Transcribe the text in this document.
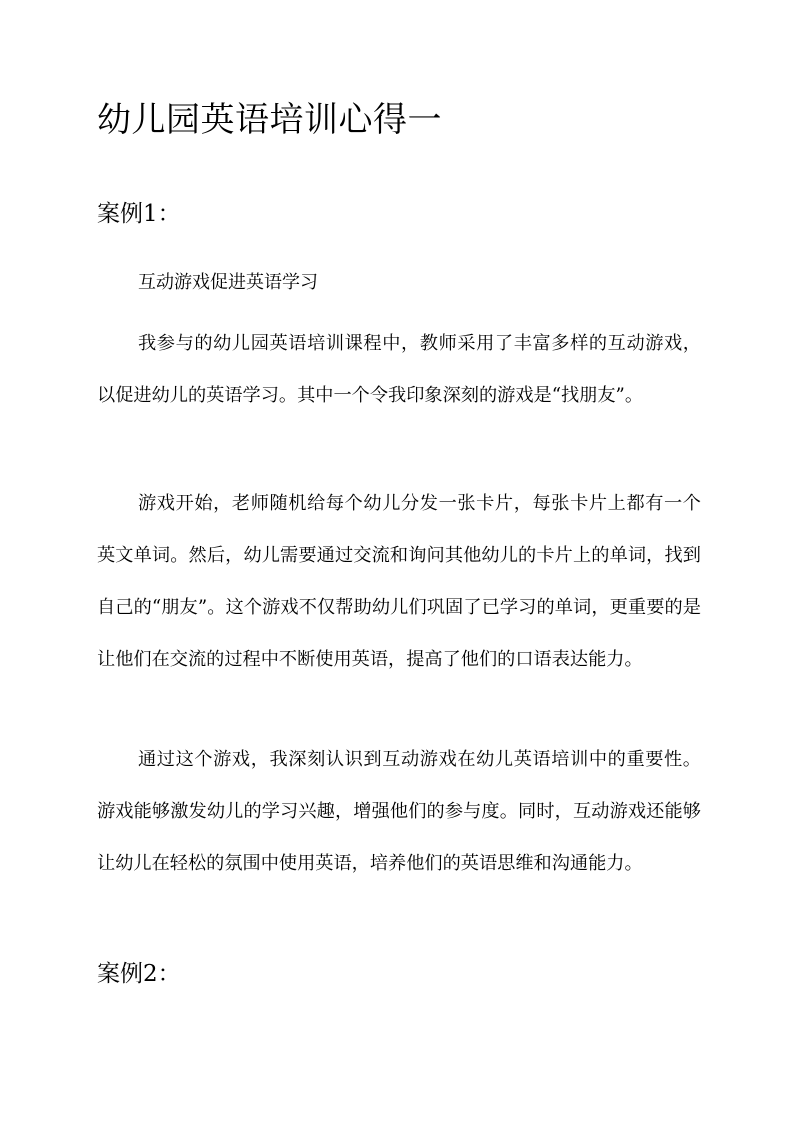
幼儿园英语培训心得一
案例1：

互动游戏促进英语学习

我参与的幼儿园英语培训课程中，教师采用了丰富多样的互动游戏，以促进幼儿的英语学习。其中一个令我印象深刻的游戏是“找朋友”。

游戏开始，老师随机给每个幼儿分发一张卡片，每张卡片上都有一个英文单词。然后，幼儿需要通过交流和询问其他幼儿的卡片上的单词，找到自己的“朋友”。这个游戏不仅帮助幼儿们巩固了已学习的单词，更重要的是让他们在交流的过程中不断使用英语，提高了他们的口语表达能力。

通过这个游戏，我深刻认识到互动游戏在幼儿英语培训中的重要性。游戏能够激发幼儿的学习兴趣，增强他们的参与度。同时，互动游戏还能够让幼儿在轻松的氛围中使用英语，培养他们的英语思维和沟通能力。

案例2：
